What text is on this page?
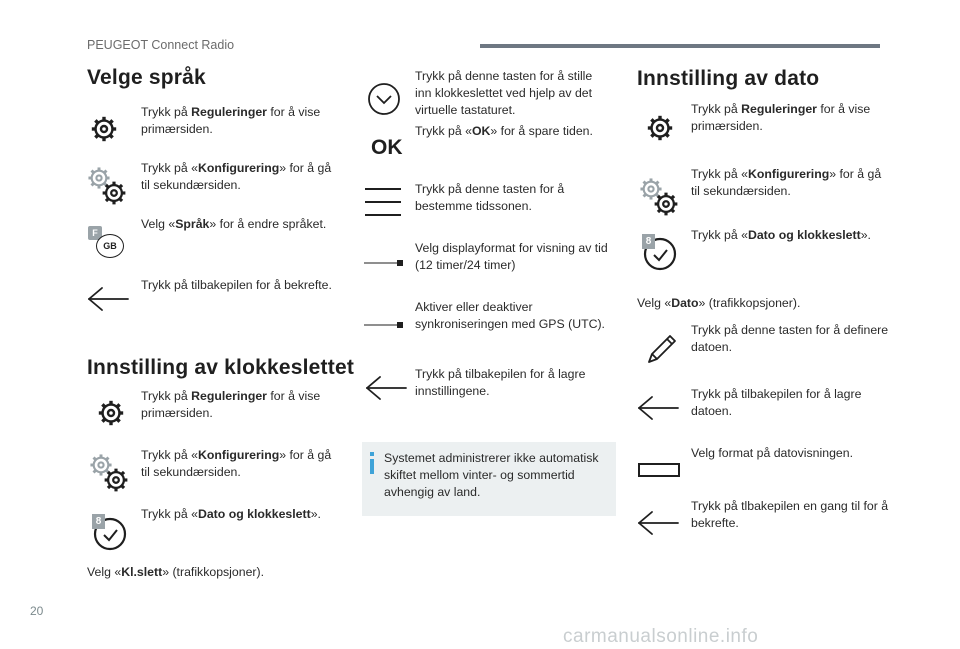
PEUGEOT Connect Radio
Velge språk
Trykk på Reguleringer for å vise primærsiden.
Trykk på «Konfigurering» for å gå til sekundærsiden.
F
GB
Velg «Språk» for å endre språket.
Trykk på tilbakepilen for å bekrefte.
Innstilling av klokkeslettet
Trykk på Reguleringer for å vise primærsiden.
Trykk på «Konfigurering» for å gå til sekundærsiden.
8
Trykk på «Dato og klokkeslett».
Velg «Kl.slett» (trafikkopsjoner).
Trykk på denne tasten for å stille inn klokkeslettet ved hjelp av det virtuelle tastaturet.
OK
Trykk på «OK» for å spare tiden.
Trykk på denne tasten for å bestemme tidssonen.
Velg displayformat for visning av tid (12 timer/24 timer)
Aktiver eller deaktiver synkroniseringen med GPS (UTC).
Trykk på tilbakepilen for å lagre innstillingene.
Systemet administrerer ikke automatisk skiftet mellom vinter- og sommertid avhengig av land.
Innstilling av dato
Trykk på Reguleringer for å vise primærsiden.
Trykk på «Konfigurering» for å gå til sekundærsiden.
8	Trykk på «Dato og klokkeslett».
Velg «Dato» (trafikkopsjoner).
Trykk på denne tasten for å definere datoen.
Trykk på tilbakepilen for å lagre datoen.
Velg format på datovisningen.
Trykk på tlbakepilen en gang til for å bekrefte.
20
carmanualsonline.info
